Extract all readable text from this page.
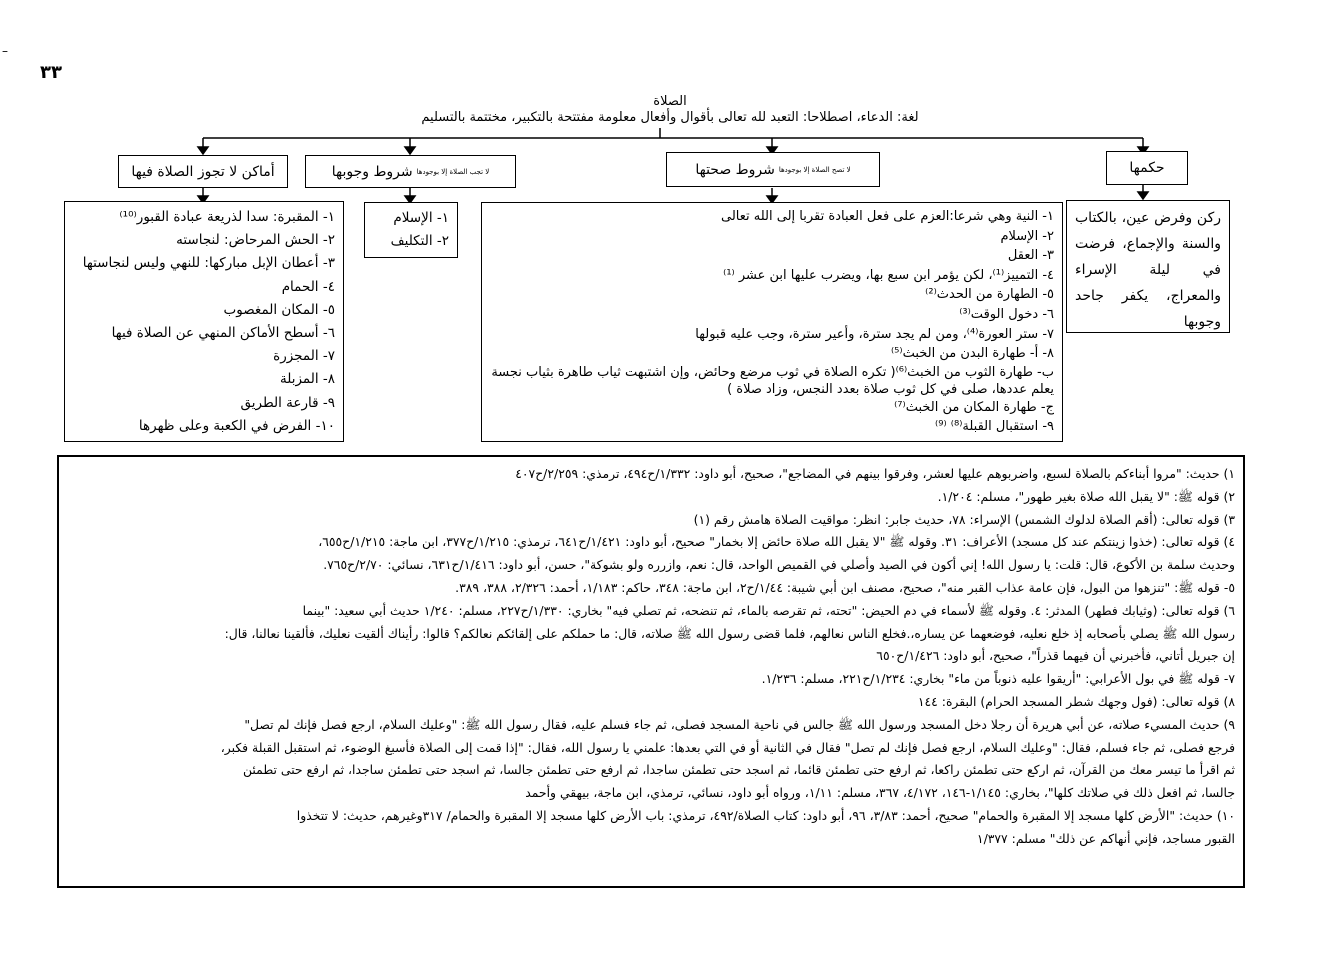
–
٣٣
الصلاة
لغة: الدعاء، اصطلاحا: التعبد لله تعالى بأقوال وأفعال معلومة مفتتحة بالتكبير، مختتمة بالتسليم
حكمها
شروط صحتها لا تصح الصلاة إلا بوجودها
شروط وجوبها لا تجب الصلاة إلا بوجودها
أماكن لا تجوز الصلاة فيها
ركن وفرض عين، بالكتاب والسنة والإجماع، فرضت في ليلة الإسراء والمعراج، يكفر جاحد وجوبها
١- النية وهي شرعا:العزم على فعل العبادة تقربا إلى الله تعالى
٢- الإسلام
٣- العقل
٤- التمييز⁽¹⁾، لكن يؤمر ابن سبع بها، ويضرب عليها ابن عشر ⁽¹⁾
٥- الطهارة من الحدث⁽²⁾
٦- دخول الوقت⁽³⁾
٧- ستر العورة⁽⁴⁾، ومن لم يجد سترة، وأعير سترة، وجب عليه قبولها
٨- أ- طهارة البدن من الخبث⁽⁵⁾
ب- طهارة الثوب من الخبث⁽⁶⁾( تكره الصلاة في ثوب مرضع وحائض، وإن اشتبهت ثياب طاهرة بثياب نجسة يعلم عددها، صلى في كل ثوب صلاة بعدد النجس، وزاد صلاة )
ج- طهارة المكان من الخبث⁽⁷⁾
٩- استقبال القبلة⁽⁸⁾ ⁽⁹⁾
١- الإسلام
٢- التكليف
١- المقبرة: سدا لذريعة عبادة القبور⁽¹⁰⁾
٢- الحش المرحاض: لنجاسته
٣- أعطان الإبل مباركها: للنهي وليس لنجاستها
٤- الحمام
٥- المكان المغصوب
٦- أسطح الأماكن المنهي عن الصلاة فيها
٧- المجزرة
٨- المزبلة
٩- قارعة الطريق
١٠- الفرض في الكعبة وعلى ظهرها

١) حديث: "مروا أبناءكم بالصلاة لسبع، واضربوهم عليها لعشر، وفرقوا بينهم في المضاجع"، صحيح، أبو داود: ١/٣٣٢/ح٤٩٤، ترمذي: ٢/٢٥٩/ح٤٠٧

٢) قوله ﷺ: "لا يقبل الله صلاة بغير طهور"، مسلم: ١/٢٠٤.

٣) قوله تعالى: (أقم الصلاة لدلوك الشمس) الإسراء: ٧٨، حديث جابر: انظر: مواقيت الصلاة هامش رقم (١)

٤) قوله تعالى: (خذوا زينتكم عند كل مسجد) الأعراف: ٣١. وقوله ﷺ "لا يقبل الله صلاة حائض إلا بخمار" صحيح، أبو داود: ١/٤٢١/ح٦٤١، ترمذي: ١/٢١٥/ح٣٧٧، ابن ماجة: ١/٢١٥/ح٦٥٥،

وحديث سلمة بن الأكوع، قال: قلت: يا رسول الله! إني أكون في الصيد وأصلي في القميص الواحد، قال: نعم، وازرره ولو بشوكة"، حسن، أبو داود: ١/٤١٦/ح٦٣١، نسائي: ٢/٧٠/ح٧٦٥.

٥- قوله ﷺ: "تنزهوا من البول، فإن عامة عذاب القبر منه"، صحيح، مصنف ابن أبي شيبة: ١/٤٤/ح٢، ابن ماجة: ٣٤٨، حاكم: ١/١٨٣، أحمد: ٢/٣٢٦، ٣٨٨، ٣٨٩.

٦) قوله تعالى: (وثيابك فطهر) المدثر: ٤. وقوله ﷺ لأسماء في دم الحيض: "تحته، ثم تقرصه بالماء، ثم تنضحه، ثم تصلي فيه" بخاري: ١/٣٣٠/ح٢٢٧، مسلم: ١/٢٤٠ حديث أبي سعيد: "بينما

رسول الله ﷺ يصلي بأصحابه إذ خلع نعليه، فوضعهما عن يساره،.فخلع الناس نعالهم، فلما قضى رسول الله ﷺ صلاته، قال: ما حملكم على إلقائكم نعالكم؟ قالوا: رأيناك ألقيت نعليك، فألقينا نعالنا، قال:

إن جبريل أتاني، فأخبرني أن فيهما قذراً"، صحيح، أبو داود: ١/٤٢٦/ح٦٥٠

٧- قوله ﷺ في بول الأعرابي: "أريقوا عليه ذنوباً من ماء" بخاري: ١/٢٣٤/ح٢٢١، مسلم: ١/٢٣٦.

٨) قوله تعالى: (فول وجهك شطر المسجد الحرام) البقرة: ١٤٤

٩) حديث المسيء صلاته، عن أبي هريرة أن رجلا دخل المسجد ورسول الله ﷺ جالس في ناحية المسجد فصلى، ثم جاء فسلم عليه، فقال رسول الله ﷺ: "وعليك السلام، ارجع فصل فإنك لم تصل"

فرجع فصلى، ثم جاء فسلم، فقال: "وعليك السلام، ارجع فصل فإنك لم تصل" فقال في الثانية أو في التي بعدها: علمني يا رسول الله، فقال: "إذا قمت إلى الصلاة فأسبغ الوضوء، ثم استقبل القبلة فكبر،

ثم اقرأ ما تيسر معك من القرآن، ثم اركع حتى تطمئن راكعا، ثم ارفع حتى تطمئن قائما، ثم اسجد حتى تطمئن ساجدا، ثم ارفع حتى تطمئن جالسا، ثم اسجد حتى تطمئن ساجدا، ثم ارفع حتى تطمئن

جالسا، ثم افعل ذلك في صلاتك كلها"، بخاري: ١/١٤٥-١٤٦، ٤/١٧٢، ٣٦٧، مسلم: ١/١١، ورواه أبو داود، نسائي، ترمذي، ابن ماجة، بيهقي وأحمد

١٠) حديث: "الأرض كلها مسجد إلا المقبرة والحمام" صحيح، أحمد: ٣/٨٣، ٩٦، أبو داود: كتاب الصلاة/٤٩٢، ترمذي: باب الأرض كلها مسجد إلا المقبرة والحمام/ ٣١٧وغيرهم، حديث: لا تتخذوا

القبور مساجد، فإني أنهاكم عن ذلك" مسلم: ١/٣٧٧
